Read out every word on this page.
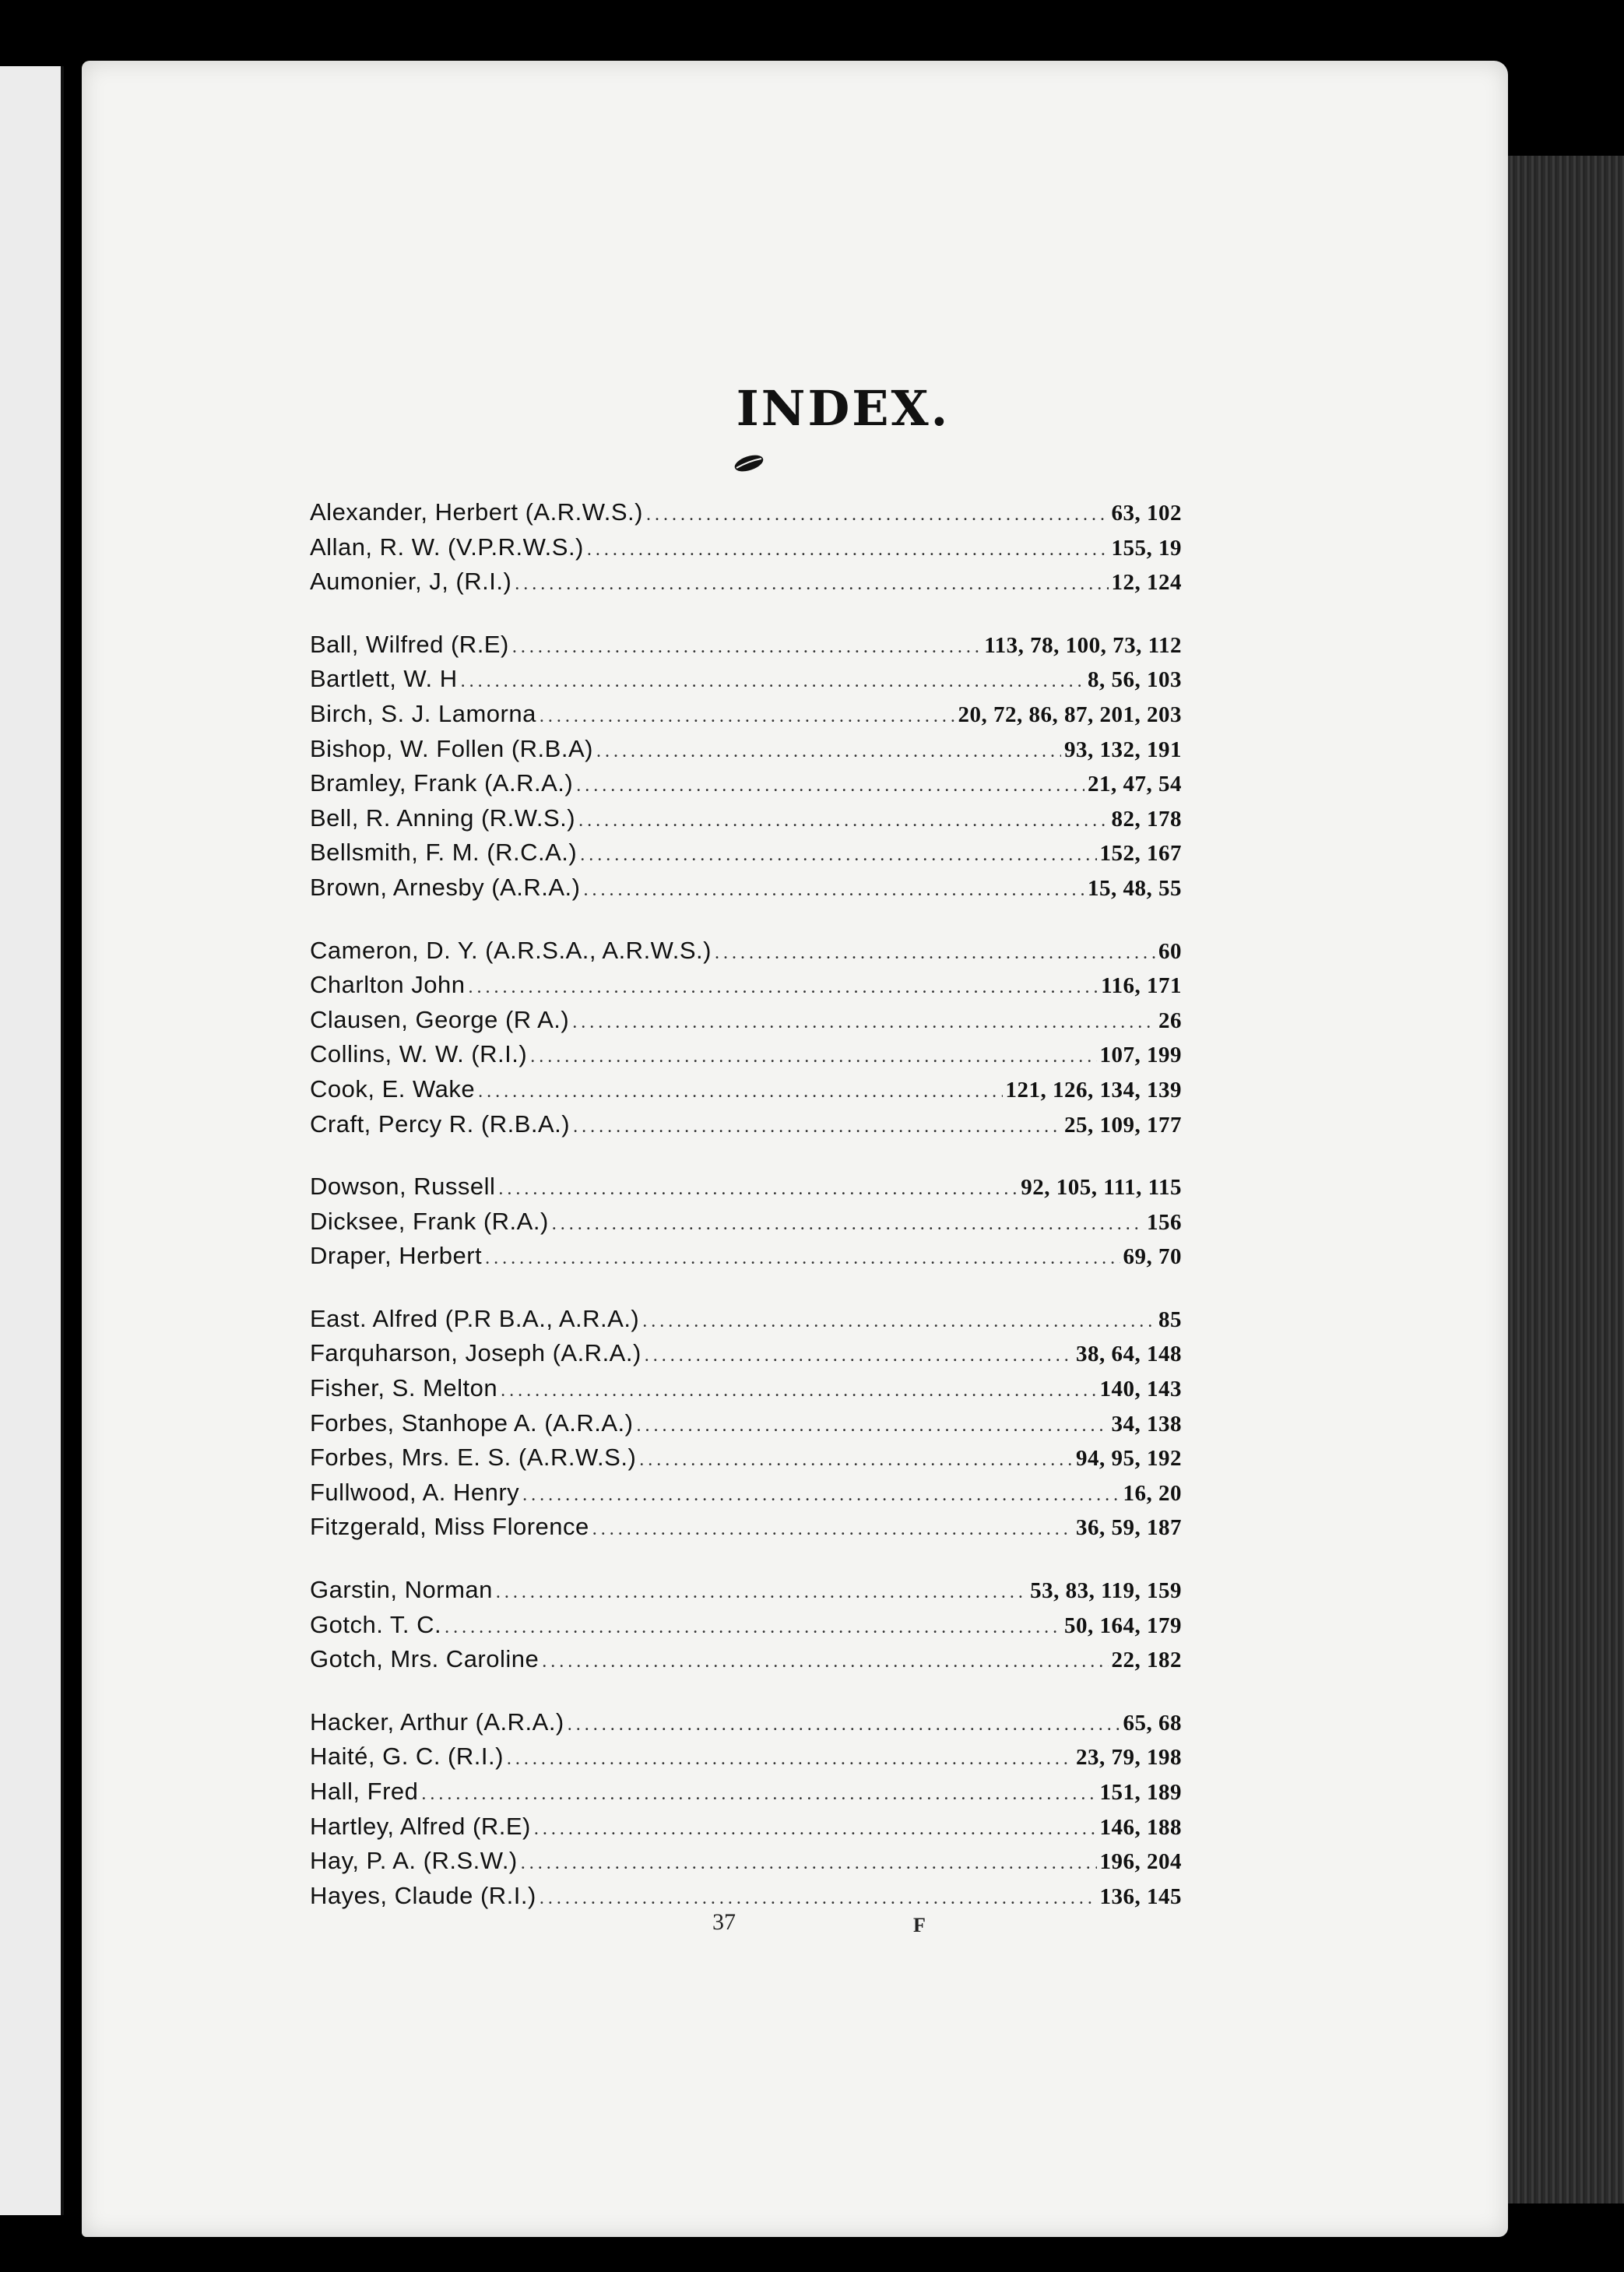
INDEX.
Alexander, Herbert (A.R.W.S.) .....	63, 102
Allan, R. W. (V.P.R.W.S.) .....	155, 19
Aumonier, J, (R.I.) .....	12, 124
Ball, Wilfred (R.E) .....	113, 78, 100, 73, 112
Bartlett, W. H .....	8, 56, 103
Birch, S. J. Lamorna .....	20, 72, 86, 87, 201, 203
Bishop, W. Follen (R.B.A) .....	93, 132, 191
Bramley, Frank (A.R.A.) .....	21, 47, 54
Bell, R. Anning (R.W.S.) .....	82, 178
Bellsmith, F. M. (R.C.A.) .....	152, 167
Brown, Arnesby (A.R.A.) .....	15, 48, 55
Cameron, D. Y. (A.R.S.A., A.R.W.S.) .....	60
Charlton John .....	116, 171
Clausen, George (R A.) .....	26
Collins, W. W. (R.I.) .....	107, 199
Cook, E. Wake .....	121, 126, 134, 139
Craft, Percy R. (R.B.A.) .....	25, 109, 177
Dowson, Russell .....	92, 105, 111, 115
Dicksee, Frank (R.A.) .....	156
Draper, Herbert .....	69, 70
East. Alfred (P.R B.A., A.R.A.) .....	85
Farquharson, Joseph (A.R.A.) .....	38, 64, 148
Fisher, S. Melton .....	140, 143
Forbes, Stanhope A. (A.R.A.) .....	34, 138
Forbes, Mrs. E. S. (A.R.W.S.) .....	94, 95, 192
Fullwood, A. Henry .....	16, 20
Fitzgerald, Miss Florence .....	36, 59, 187
Garstin, Norman .....	53, 83, 119, 159
Gotch. T. C. .....	50, 164, 179
Gotch, Mrs. Caroline .....	22, 182
Hacker, Arthur (A.R.A.) .....	65, 68
Haité, G. C. (R.I.) .....	23, 79, 198
Hall, Fred .....	151, 189
Hartley, Alfred (R.E) .....	146, 188
Hay, P. A. (R.S.W.) .....	196, 204
Hayes, Claude (R.I.) .....	136, 145
37	F
